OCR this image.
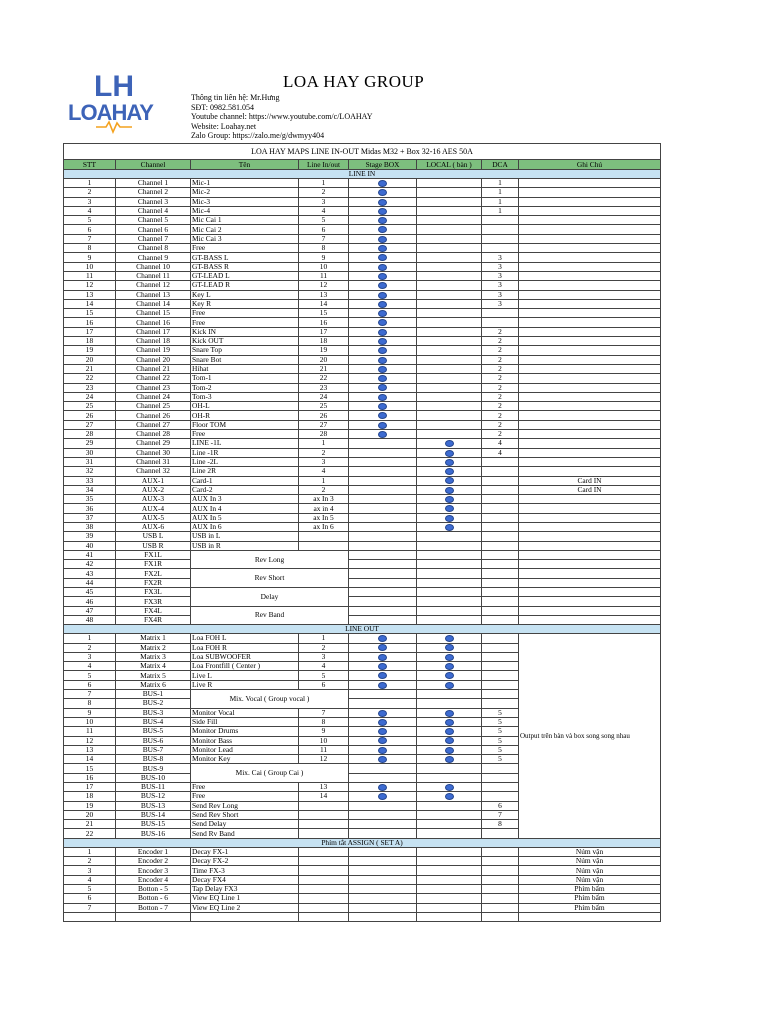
LH
LOAHAY
LOA HAY GROUP
Thông tin liên hệ: Mr.Hưng
SĐT: 0982.581.054
Youtube channel: https://www.youtube.com/c/LOAHAY
Website: Loahay.net
Zalo Group: https://zalo.me/g/dwmyy404
LOA HAY MAPS LINE IN-OUT Midas M32 + Box 32-16 AES 50A							
STT	Channel	Tên	Line In/out	Stage BOX	LOCAL ( bàn )	DCA	Ghi Chú
LINE IN							
1	Channel 1	Mic-1	1			1	
2	Channel 2	Mic-2	2			1	
3	Channel 3	Mic-3	3			1	
4	Channel 4	Mic-4	4			1	
5	Channel 5	Mic Cai 1	5				
6	Channel 6	Mic Cai 2	6				
7	Channel 7	Mic Cai 3	7				
8	Channel 8	Free	8				
9	Channel 9	GT-BASS L	9			3	
10	Channel 10	GT-BASS R	10			3	
11	Channel 11	GT-LEAD L	11			3	
12	Channel 12	GT-LEAD R	12			3	
13	Channel 13	Key L	13			3	
14	Channel 14	Key R	14			3	
15	Channel 15	Free	15				
16	Channel 16	Free	16				
17	Channel 17	Kick IN	17			2	
18	Channel 18	Kick OUT	18			2	
19	Channel 19	Snare Top	19			2	
20	Channel 20	Snare Bot	20			2	
21	Channel 21	Hihat	21			2	
22	Channel 22	Tom-1	22			2	
23	Channel 23	Tom-2	23			2	
24	Channel 24	Tom-3	24			2	
25	Channel 25	OH-L	25			2	
26	Channel 26	OH-R	26			2	
27	Channel 27	Floor TOM	27			2	
28	Channel 28	Free	28			2	
29	Channel 29	LINE -1L	1			4	
30	Channel 30	Line -1R	2			4	
31	Channel 31	Line -2L	3				
32	Channel 32	Line 2R	4				
33	AUX-1	Card-1	1				Card IN
34	AUX-2	Card-2	2				Card IN
35	AUX-3	AUX In 3	ax In 3				
36	AUX-4	AUX In 4	ax in 4				
37	AUX-5	AUX In 5	ax In 5				
38	AUX-6	AUX In 6	ax In 6				
39	USB L	USB in L					
40	USB R	USB in R					
41	FX1L	Rev Long					
42	FX1R						
43	FX2L	Rev Short					
44	FX2R						
45	FX3L	Delay					
46	FX3R						
47	FX4L	Rev Band					
48	FX4R						
LINE OUT							
1	Matrix 1	Loa FOH L	1				Output trên bàn và box song song nhau
2	Matrix 2	Loa FOH R	2				
3	Matrix 3	Loa SUBWOOFER	3				
4	Matrix 4	Loa Frontfill ( Center )	4				
5	Matrix 5	Live L	5				
6	Matrix 6	Live R	6				
7	BUS-1	Mix. Vocal ( Group vocal )					
8	BUS-2						
9	BUS-3	Monitor Vocal	7			5	
10	BUS-4	Side Fill	8			5	
11	BUS-5	Monitor Drums	9			5	
12	BUS-6	Monitor Bass	10			5	
13	BUS-7	Monitor Lead	11			5	
14	BUS-8	Monitor Key	12			5	
15	BUS-9	Mix. Cai ( Group Cai )					
16	BUS-10						
17	BUS-11	Free	13				
18	BUS-12	Free	14				
19	BUS-13	Send Rev Long				6	
20	BUS-14	Send Rev Short				7	
21	BUS-15	Send Delay				8	
22	BUS-16	Send Rv Band					
Phím tắt ASSIGN ( SET A)							
1	Encoder 1	Decay FX-1					Núm vặn
2	Encoder 2	Decay FX-2					Núm vặn
3	Encoder 3	Time FX-3					Núm vặn
4	Encoder 4	Decay FX4					Núm vặn
5	Botton - 5	Tap Delay FX3					Phím bấm
6	Botton - 6	View EQ Line 1					Phím bấm
7	Botton - 7	View EQ Line 2					Phím bấm
